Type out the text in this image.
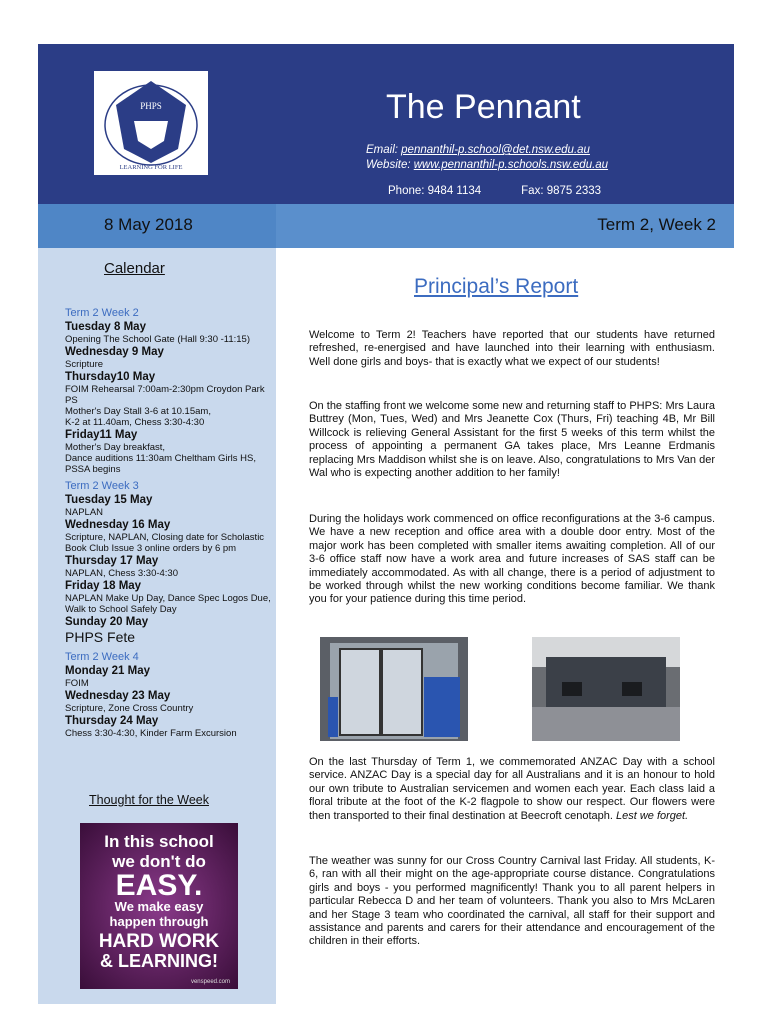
PHPS
LEARNING FOR LIFE
The Pennant
Email: pennanthil-p.school@det.nsw.edu.au
Website: www.pennanthil-p.schools.nsw.edu.au
Phone: 9484 1134	Fax: 9875 2333
8 May 2018	Term 2, Week 2
Calendar
Term 2 Week 2
Tuesday 8 May
Opening The School Gate (Hall 9:30 -11:15)
Wednesday 9 May
Scripture
Thursday10 May
FOIM Rehearsal 7:00am-2:30pm Croydon Park PS
Mother's Day Stall 3-6 at 10.15am,
K-2 at 11.40am, Chess 3:30-4:30
Friday11 May
Mother's Day breakfast,
Dance auditions 11:30am Cheltham Girls HS, PSSA begins
Term 2 Week 3
Tuesday 15 May
NAPLAN
Wednesday 16 May
Scripture, NAPLAN, Closing date for Scholastic Book Club Issue 3 online orders by 6 pm
Thursday 17 May
NAPLAN, Chess 3:30-4:30
Friday 18 May
NAPLAN Make Up Day, Dance Spec Logos Due, Walk to School Safely Day
Sunday 20 May
PHPS Fete
Term 2 Week 4
Monday 21 May
FOIM
Wednesday 23 May
Scripture, Zone Cross Country
Thursday 24 May
Chess 3:30-4:30, Kinder Farm Excursion
Thought for the Week
In this school
we don't do
EASY.
We make easy
happen through
HARD WORK
& LEARNING!
venspeed.com
Principal’s Report
Welcome to Term 2! Teachers have reported that our students have returned refreshed, re-energised and have launched into their learning with enthusiasm. Well done girls and boys- that is exactly what we expect of our students!
On the staffing front we welcome some new and returning staff to PHPS: Mrs Laura Buttrey (Mon, Tues, Wed) and Mrs Jeanette Cox (Thurs, Fri) teaching 4B, Mr Bill Willcock is relieving General Assistant for the first 5 weeks of this term whilst the process of appointing a permanent GA takes place, Mrs Leanne Erdmanis replacing Mrs Maddison whilst she is on leave. Also, congratulations to Mrs Van der Wal who is expecting another addition to her family!
During the holidays work commenced on office reconfigurations at the 3-6 campus. We have a new reception and office area with a double door entry. Most of the major work has been completed with smaller items awaiting completion. All of our 3-6 office staff now have a work area and future increases of SAS staff can be immediately accommodated. As with all change, there is a period of adjustment to be worked through whilst the new working conditions become familiar. We thank you for your patience during this time period.
On the last Thursday of Term 1, we commemorated ANZAC Day with a school service. ANZAC Day is a special day for all Australians and it is an honour to hold our own tribute to Australian servicemen and women each year. Each class laid a floral tribute at the foot of the K-2 flagpole to show our respect. Our flowers were then transported to their final destination at Beecroft cenotaph. Lest we forget.
The weather was sunny for our Cross Country Carnival last Friday. All students, K-6, ran with all their might on the age-appropriate course distance. Congratulations girls and boys - you performed magnificently! Thank you to all parent helpers in particular Rebecca D and her team of volunteers. Thank you also to Mrs McLaren and her Stage 3 team who coordinated the carnival, all staff for their support and assistance and parents and carers for their attendance and encouragement of the children in their efforts.
